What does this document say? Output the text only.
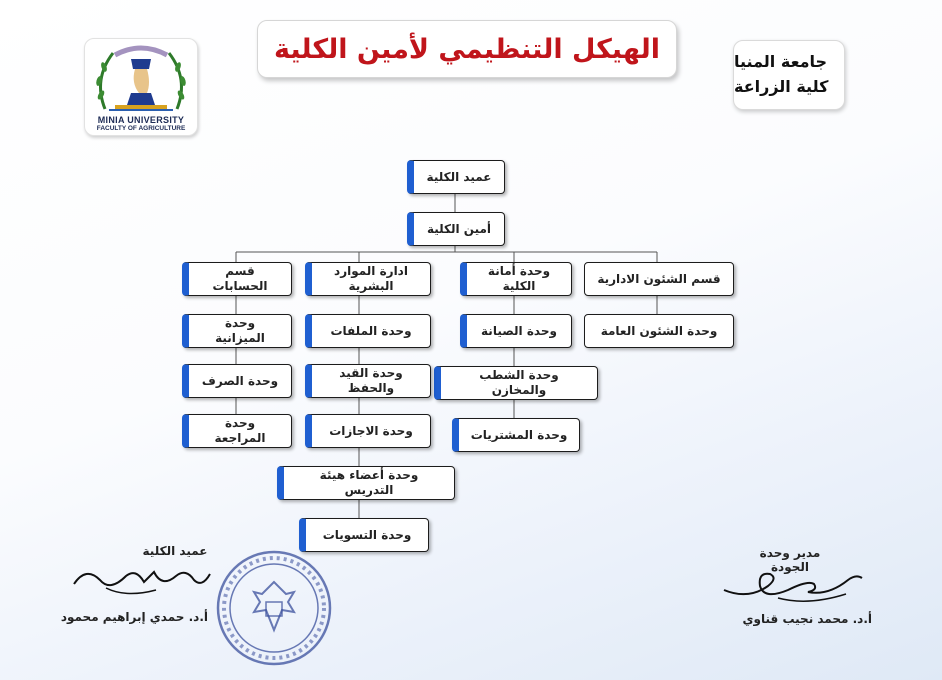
MINIA UNIVERSITY
FACULTY OF AGRICULTURE
الهيكل التنظيمي لأمين الكلية	جامعة المنيا
كلية الزراعة
عميد الكلية
أمين الكلية
قسم الشئون الادارية
وحدة أمانة الكلية
ادارة الموارد البشرية
قسم الحسابات
وحدة الشئون العامة
وحدة الصيانة
وحدة الشطب والمخازن
وحدة المشتريات
وحدة الملفات
وحدة القيد والحفظ
وحدة الاجازات
وحدة أعضاء هيئة التدريس
وحدة التسويات
وحدة الميزانية
وحدة الصرف
وحدة المراجعة
عميد الكلية
أ.د. حمدي إبراهيم محمود
مدير وحدة الجودة
أ.د. محمد نجيب قناوي
